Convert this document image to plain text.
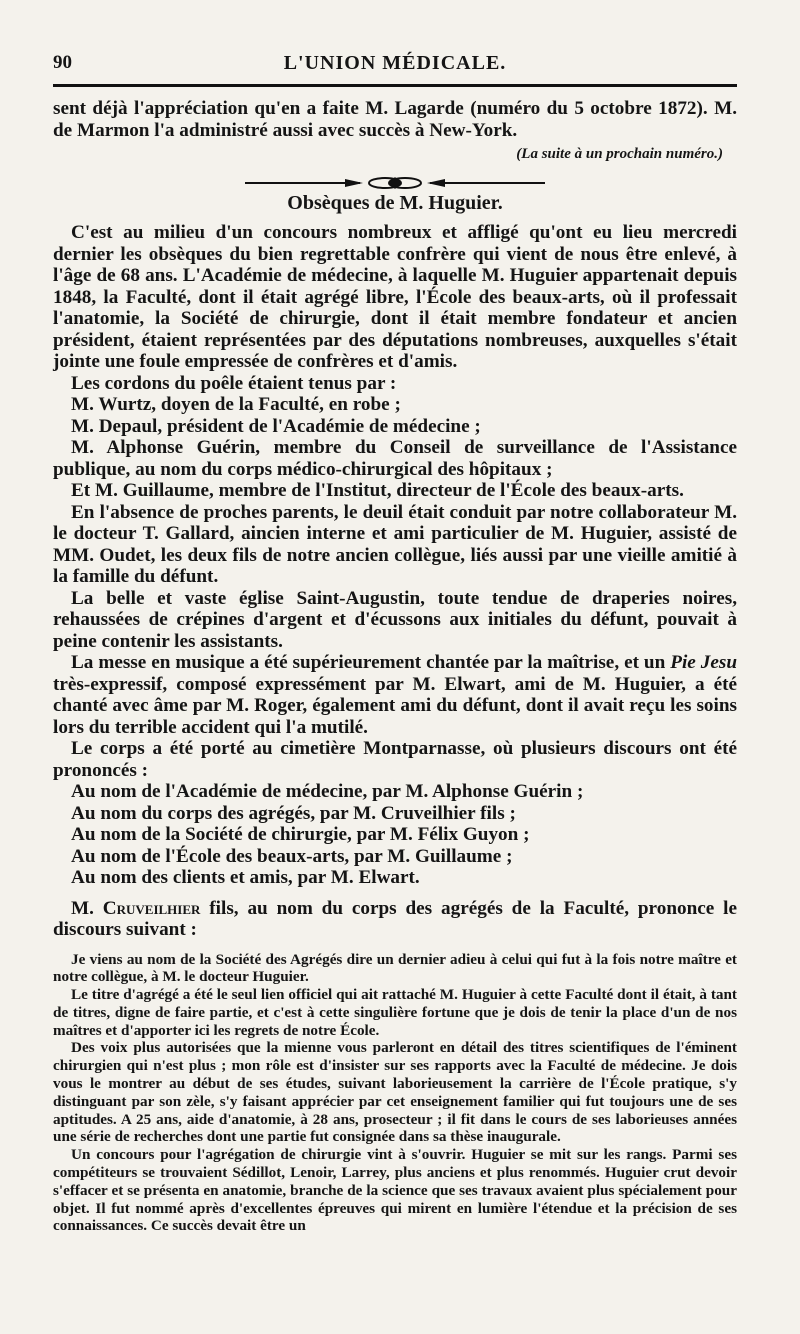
90	L'UNION MÉDICALE.

sent déjà l'appréciation qu'en a faite M. Lagarde (numéro du 5 octobre 1872). M. de Marmon l'a administré aussi avec succès à New-York.

(La suite à un prochain numéro.)

Obsèques de M. Huguier.

C'est au milieu d'un concours nombreux et affligé qu'ont eu lieu mercredi dernier les obsèques du bien regrettable confrère qui vient de nous être enlevé, à l'âge de 68 ans. L'Académie de médecine, à laquelle M. Huguier appartenait depuis 1848, la Faculté, dont il était agrégé libre, l'École des beaux-arts, où il professait l'anatomie, la Société de chirurgie, dont il était membre fondateur et ancien président, étaient représentées par des députations nombreuses, auxquelles s'était jointe une foule empressée de confrères et d'amis.

Les cordons du poêle étaient tenus par :

M. Wurtz, doyen de la Faculté, en robe ;

M. Depaul, président de l'Académie de médecine ;

M. Alphonse Guérin, membre du Conseil de surveillance de l'Assistance publique, au nom du corps médico-chirurgical des hôpitaux ;

Et M. Guillaume, membre de l'Institut, directeur de l'École des beaux-arts.

En l'absence de proches parents, le deuil était conduit par notre collaborateur M. le docteur T. Gallard, aincien interne et ami particulier de M. Huguier, assisté de MM. Oudet, les deux fils de notre ancien collègue, liés aussi par une vieille amitié à la famille du défunt.

La belle et vaste église Saint-Augustin, toute tendue de draperies noires, rehaussées de crépines d'argent et d'écussons aux initiales du défunt, pouvait à peine contenir les assistants.

La messe en musique a été supérieurement chantée par la maîtrise, et un Pie Jesu très-expressif, composé expressément par M. Elwart, ami de M. Huguier, a été chanté avec âme par M. Roger, également ami du défunt, dont il avait reçu les soins lors du terrible accident qui l'a mutilé.

Le corps a été porté au cimetière Montparnasse, où plusieurs discours ont été prononcés :

Au nom de l'Académie de médecine, par M. Alphonse Guérin ;

Au nom du corps des agrégés, par M. Cruveilhier fils ;

Au nom de la Société de chirurgie, par M. Félix Guyon ;

Au nom de l'École des beaux-arts, par M. Guillaume ;

Au nom des clients et amis, par M. Elwart.

M. Cruveilhier fils, au nom du corps des agrégés de la Faculté, prononce le discours suivant :

Je viens au nom de la Société des Agrégés dire un dernier adieu à celui qui fut à la fois notre maître et notre collègue, à M. le docteur Huguier.

Le titre d'agrégé a été le seul lien officiel qui ait rattaché M. Huguier à cette Faculté dont il était, à tant de titres, digne de faire partie, et c'est à cette singulière fortune que je dois de tenir la place d'un de nos maîtres et d'apporter ici les regrets de notre École.

Des voix plus autorisées que la mienne vous parleront en détail des titres scientifiques de l'éminent chirurgien qui n'est plus ; mon rôle est d'insister sur ses rapports avec la Faculté de médecine. Je dois vous le montrer au début de ses études, suivant laborieusement la carrière de l'École pratique, s'y distinguant par son zèle, s'y faisant apprécier par cet enseignement familier qui fut toujours une de ses aptitudes. A 25 ans, aide d'anatomie, à 28 ans, prosecteur ; il fit dans le cours de ses laborieuses années une série de recherches dont une partie fut consignée dans sa thèse inaugurale.

Un concours pour l'agrégation de chirurgie vint à s'ouvrir. Huguier se mit sur les rangs. Parmi ses compétiteurs se trouvaient Sédillot, Lenoir, Larrey, plus anciens et plus renommés. Huguier crut devoir s'effacer et se présenta en anatomie, branche de la science que ses travaux avaient plus spécialement pour objet. Il fut nommé après d'excellentes épreuves qui mirent en lumière l'étendue et la précision de ses connaissances. Ce succès devait être un
